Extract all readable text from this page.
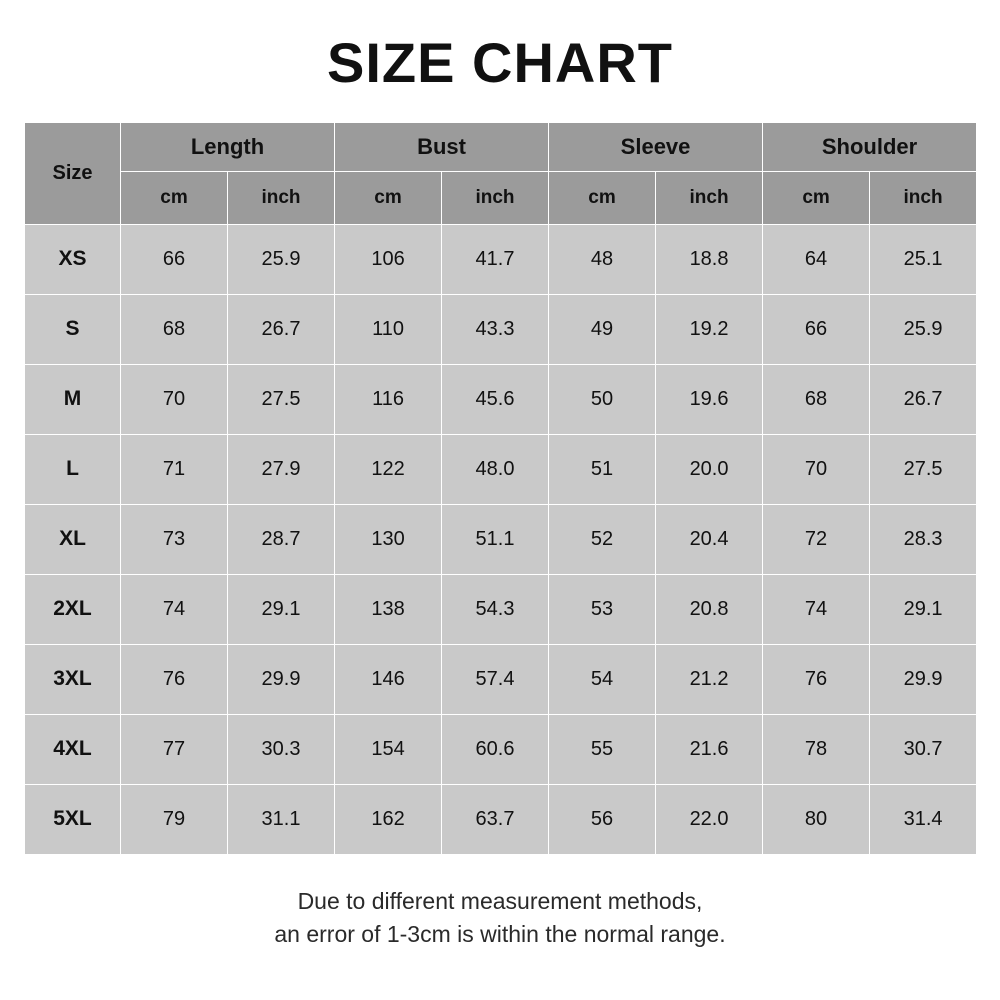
SIZE CHART
Size	Length		Bust		Sleeve		Shoulder	
	cm	inch	cm	inch	cm	inch	cm	inch
XS	66	25.9	106	41.7	48	18.8	64	25.1
S	68	26.7	110	43.3	49	19.2	66	25.9
M	70	27.5	116	45.6	50	19.6	68	26.7
L	71	27.9	122	48.0	51	20.0	70	27.5
XL	73	28.7	130	51.1	52	20.4	72	28.3
2XL	74	29.1	138	54.3	53	20.8	74	29.1
3XL	76	29.9	146	57.4	54	21.2	76	29.9
4XL	77	30.3	154	60.6	55	21.6	78	30.7
5XL	79	31.1	162	63.7	56	22.0	80	31.4
Due to different measurement methods,
an error of 1-3cm is within the normal range.
